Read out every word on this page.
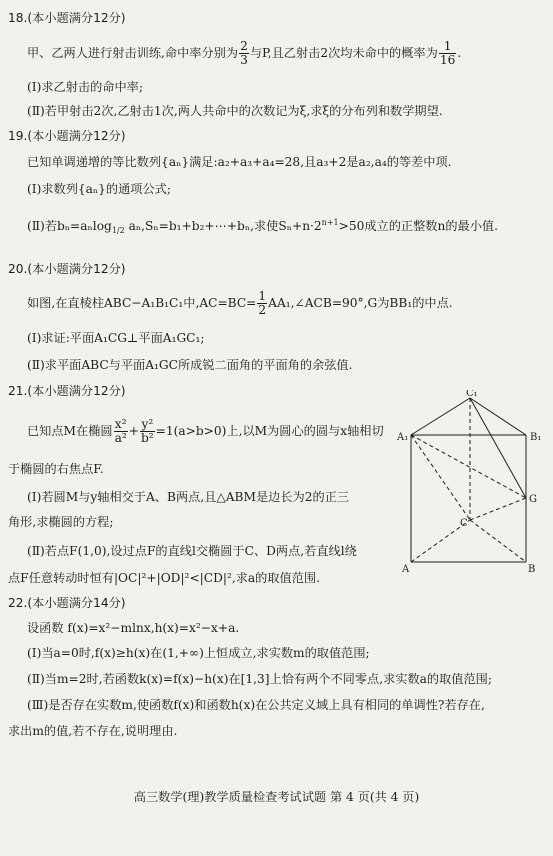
18.(本小题满分12分)
甲、乙两人进行射击训练,命中率分别为 $\frac{2}{3}$ 与P,且乙射击2次均未命中的概率为 $\frac{1}{16}$ .
(Ⅰ)求乙射击的命中率;
(Ⅱ)若甲射击2次,乙射击1次,两人共命中的次数记为ξ,求ξ的分布列和数学期望.
19.(本小题满分12分)
已知单调递增的等比数列{aₙ}满足:a₂+a₃+a₄=28,且a₃+2是a₂,a₄的等差中项.
(Ⅰ)求数列{aₙ}的通项公式;
(Ⅱ)若bₙ=aₙlog$_{1/2}$ aₙ,Sₙ=b₁+b₂+⋯+bₙ,求使$S_n+n\cdot 2^{n+1}>50$成立的正整数n的最小值.
20.(本小题满分12分)
如图,在直棱柱ABC−A₁B₁C₁中$,AC=BC= \frac{1}{2}$ AA₁,∠ACB=90°,G为BB₁的中点.
(Ⅰ)求证:平面A₁CG⊥平面A₁GC₁;
(Ⅱ)求平面ABC与平面A₁GC所成锐二面角的平面角的余弦值.
21.(本小题满分12分)
已知点M在椭圆 $\frac{\text{x²}}{\text{a²}} + \frac{\text{y²}}{\text{b²}} =1(a>b>0)$上,以M为圆心的圆与x轴相切
于椭圆的右焦点F.
(Ⅰ)若圆M与y轴相交于A、B两点,且△ABM是边长为2的正三
角形,求椭圆的方程;
(Ⅱ)若点F(1,0),设过点F的直线l交椭圆于C、D两点,若直线l绕
点F任意转动时恒有|OC|²+|OD|²<|CD|²,求a的取值范围.
C₁
A₁	B₁
G
C
A	B
22.(本小题满分14分)
设函数 f(x)=x²−mlnx,h(x)=x²−x+a.
(Ⅰ)当a=0时,f(x)≥h(x)在(1,+∞)上恒成立,求实数m的取值范围;
(Ⅱ)当m=2时,若函数k(x)=f(x)−h(x)在[1,3]上恰有两个不同零点,求实数a的取值范围;
(Ⅲ)是否存在实数m,使函数f(x)和函数h(x)在公共定义域上具有相同的单调性?若存在,
求出m的值,若不存在,说明理由.
高三数学(理)教学质量检查考试试题 第 4 页(共 4 页)
